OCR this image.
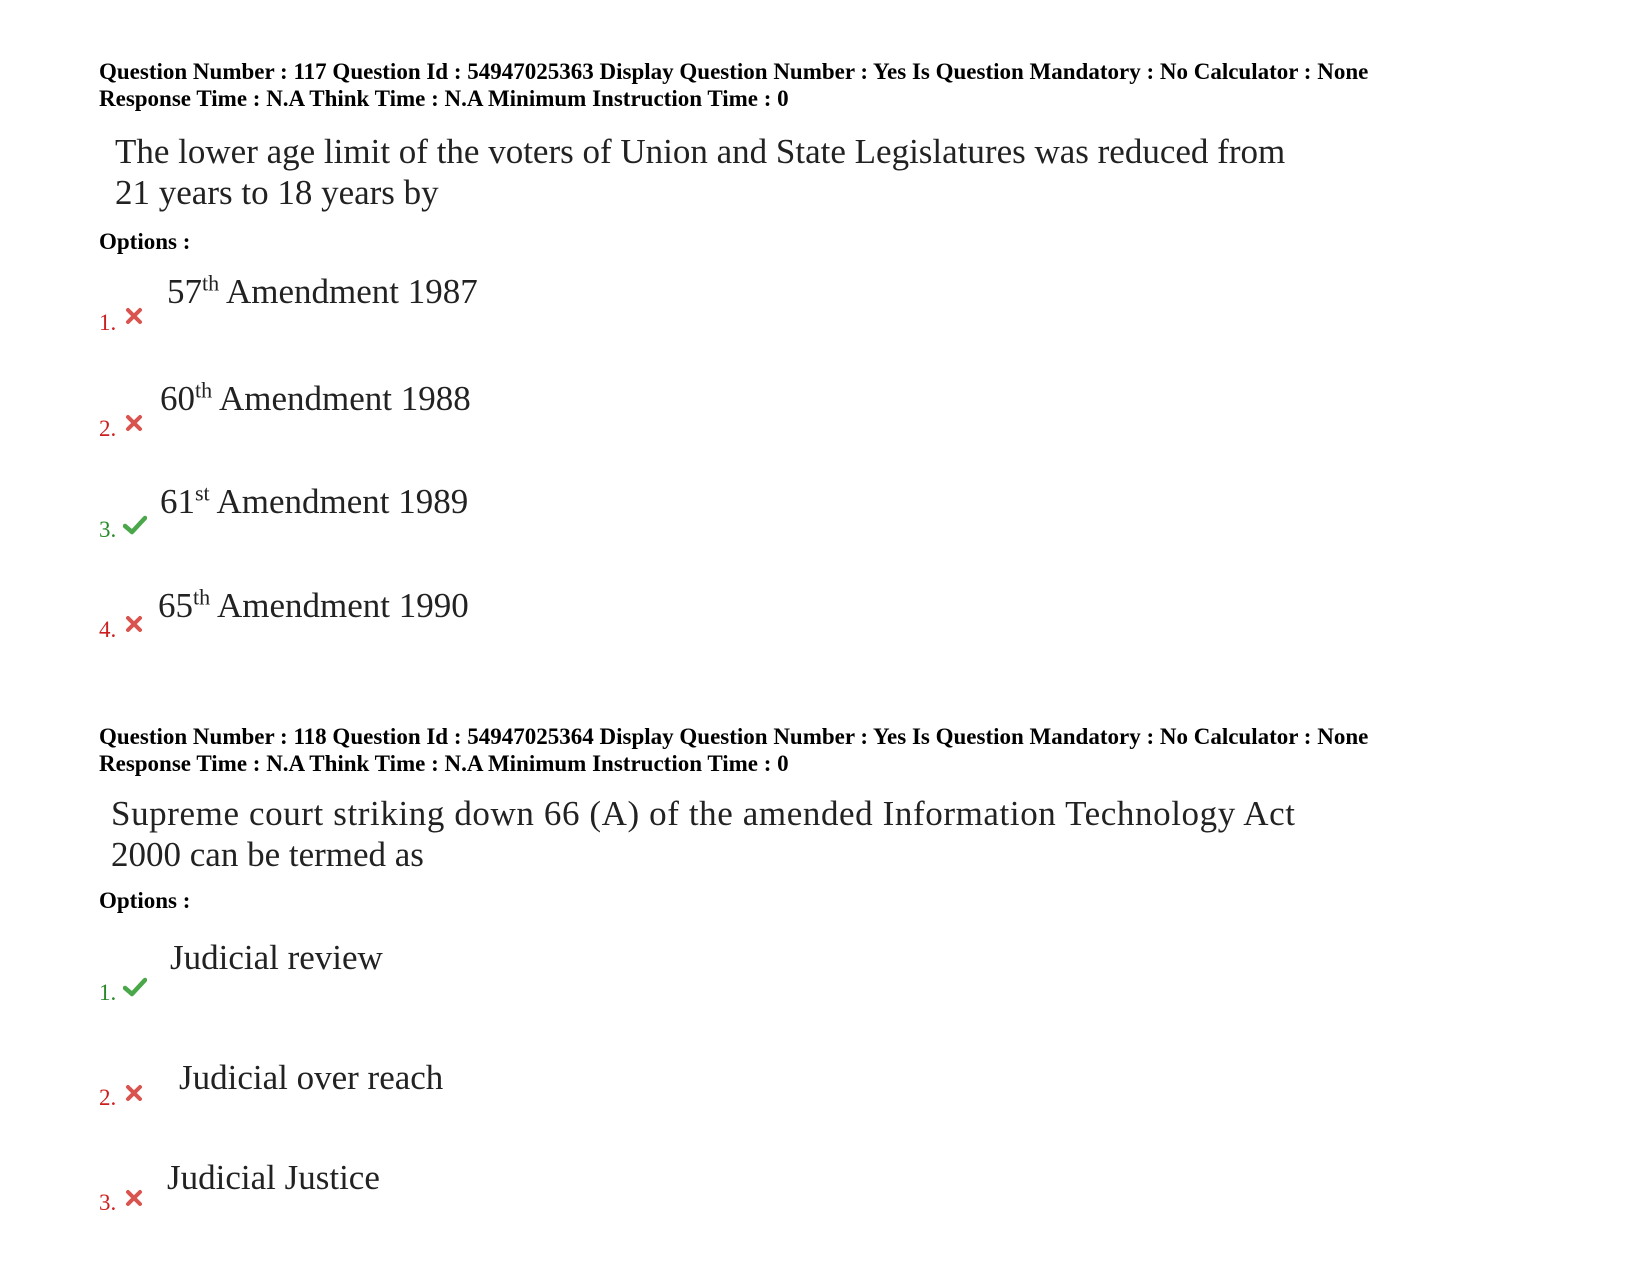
Question Number : 117 Question Id : 54947025363 Display Question Number : Yes Is Question Mandatory : No Calculator : None
Response Time : N.A Think Time : N.A Minimum Instruction Time : 0
The lower age limit of the voters of Union and State Legislatures was reduced from
21 years to 18 years by
Options :
57th Amendment 1987
1.
60th Amendment 1988
2.
61st Amendment 1989
3.
65th Amendment 1990
4.
Question Number : 118 Question Id : 54947025364 Display Question Number : Yes Is Question Mandatory : No Calculator : None
Response Time : N.A Think Time : N.A Minimum Instruction Time : 0
Supreme court striking down 66 (A) of the amended Information Technology Act
2000 can be termed as
Options :
Judicial review
1.
Judicial over reach
2.
Judicial Justice
3.
